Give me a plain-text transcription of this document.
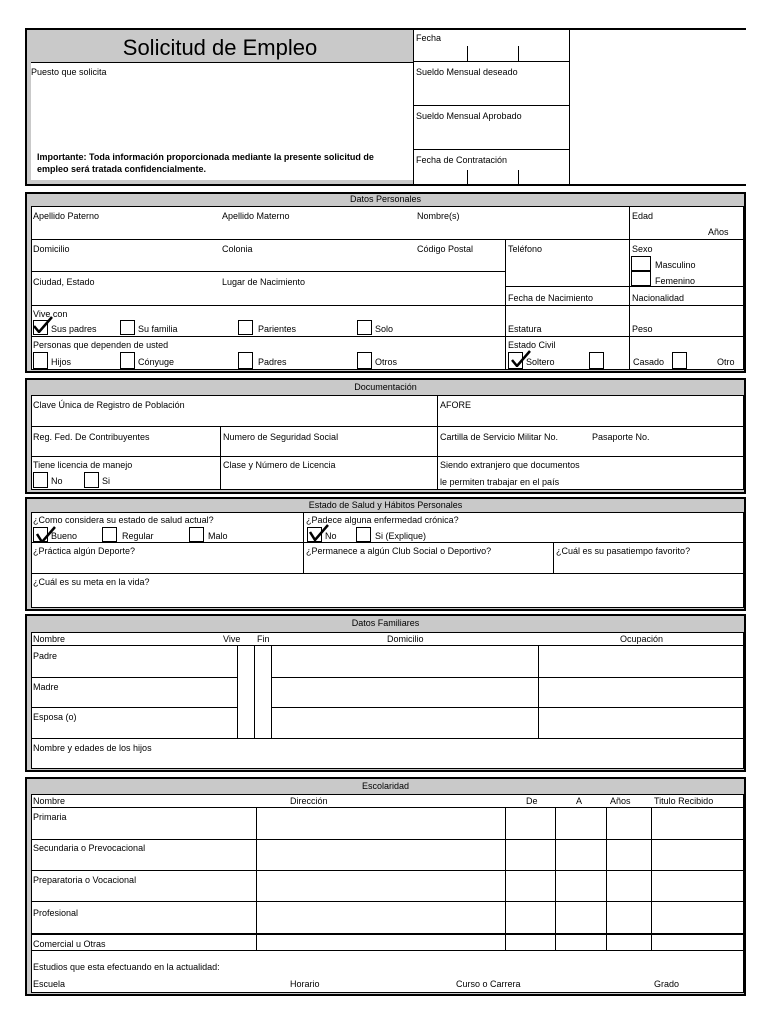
Solicitud de Empleo
Puesto que solicita
Importante: Toda información proporcionada mediante la presente solicitud de empleo será tratada confidencialmente.
Fecha
Sueldo Mensual deseado
Sueldo Mensual Aprobado
Fecha de Contratación
Datos Personales
Apellido Paterno	Apellido Materno	Nombre(s)	Edad
Años
Domicilio	Colonia	Código Postal	Teléfono	Sexo
Masculino
Femenino
Ciudad, Estado	Lugar de Nacimiento
Fecha de Nacimiento	Nacionalidad
Vive con
Sus padres	Su familia	Parientes	Solo	Estatura	Peso
Personas que dependen de usted
Hijos	Cónyuge	Padres	Otros
Estado Civil
Soltero	Casado	Otro
Documentación
Clave Única de Registro de Población	AFORE
Reg. Fed. De Contribuyentes	Numero de Seguridad Social	Cartilla de Servicio Militar No.	Pasaporte No.
Tiene licencia de manejo
No	Si
Clase y Número de Licencia	Siendo extranjero que documentos
le permiten trabajar en el país
Estado de Salud y Hábitos Personales
¿Como considera su estado de salud actual?
Bueno	Regular	Malo
¿Padece alguna enfermedad crónica?
No	Si (Explique)
¿Práctica algún Deporte?	¿Permanece a algún Club Social o Deportivo?	¿Cuál es su pasatiempo favorito?
¿Cuál es su meta en la vida?
Datos Familiares
Nombre	Vive Fin	Domicilio	Ocupación
Padre
Madre
Esposa (o)
Nombre y edades de los hijos
Escolaridad
Nombre	Dirección	De	A	Años	Titulo Recibido
Primaria
Secundaria o Prevocacional
Preparatoria o Vocacional
Profesional
Comercial u Otras
Estudios que esta efectuando en la actualidad:
Escuela	Horario	Curso o Carrera	Grado
